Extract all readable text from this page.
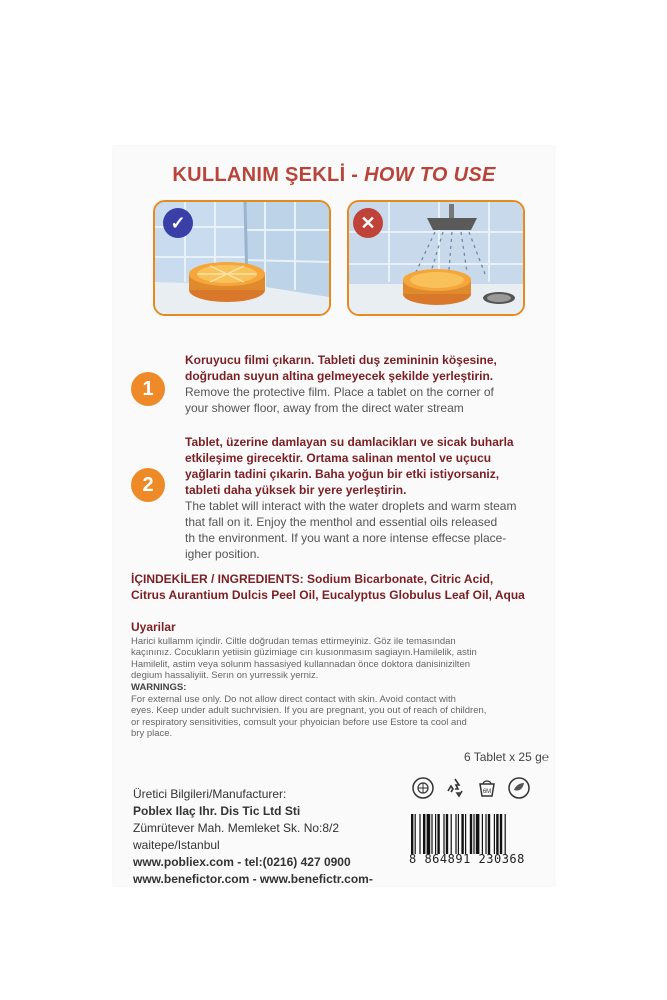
KULLANIM ŞEKLİ - HOW TO USE
✓	✕
1
Koruyucu filmi çıkarın. Tableti duş zemininin köşesine,
doğrudan suyun altina gelmeyecek şekilde yerleştirin.
Remove the protective film. Place a tablet on the corner of
your shower floor, away from the direct water stream
2
Tablet, üzerine damlayan su damlacikları ve sicak buharla
etkileşime girecektir. Ortama salinan mentol ve uçucu
yağlarin tadini çıkarin. Baha yoğun bir etki istiyorsaniz,
tableti daha yüksek bir yere yerleştirin.
The tablet will interact with the water droplets and warm steam
that fall on it. Enjoy the menthol and essential oils released
th the environment. If you want a nore intense effecse place-
igher position.
İÇINDEKİLER / INGREDIENTS: Sodium Bicarbonate, Citric Acid,
Citrus Aurantium Dulcis Peel Oil, Eucalyptus Globulus Leaf Oil, Aqua
Uyarilar
Harici kullamm içindir. Ciltle doğrudan temas ettirmeyiniz. Göz ile temasından
kaçınınız. Cocukların yetiisin güzimiage cırı kusıonmasım sagiayın.Hamilelik, astin
Hamilelit, astim veya solunm hassasiyed kullannadan önce doktora danisinizilten
degium hassaliyiit. Serın on yurressik yerniz.
WARNINGS:
For external use only. Do not allow direct contact with skin. Avoid contact with
eyes. Keep under adult suchrvisien. If you are pregnant, you out of reach of children,
or respiratory sensitivities, comsult your phyoician before use Estore ta cool and
bry place.
6 Tablet x 25 g℮
Üretici Bilgileri/Manufacturer:
Poblex Ilaç Ihr. Dis Tic Ltd Sti
Zümrütever Mah. Memleket Sk. No:8/2
waitepe/Istanbul
www.pobliex.com - tel:(0216) 427 0900
www.benefictor.com - www.benefictr.com-
6M
8 864891 230368
